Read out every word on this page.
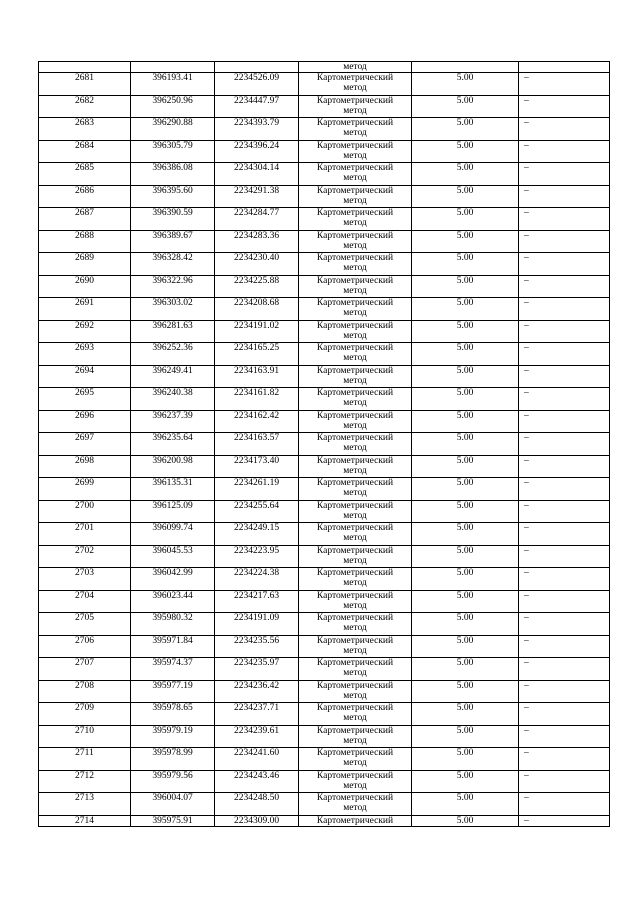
			метод		

2681	396193.41	2234526.09	Картометрический
метод	5.00	–
2682	396250.96	2234447.97	Картометрический
метод	5.00	–
2683	396290.88	2234393.79	Картометрический
метод	5.00	–
2684	396305.79	2234396.24	Картометрический
метод	5.00	–
2685	396386.08	2234304.14	Картометрический
метод	5.00	–
2686	396395.60	2234291.38	Картометрический
метод	5.00	–
2687	396390.59	2234284.77	Картометрический
метод	5.00	–
2688	396389.67	2234283.36	Картометрический
метод	5.00	–
2689	396328.42	2234230.40	Картометрический
метод	5.00	–
2690	396322.96	2234225.88	Картометрический
метод	5.00	–
2691	396303.02	2234208.68	Картометрический
метод	5.00	–
2692	396281.63	2234191.02	Картометрический
метод	5.00	–
2693	396252.36	2234165.25	Картометрический
метод	5.00	–
2694	396249.41	2234163.91	Картометрический
метод	5.00	–
2695	396240.38	2234161.82	Картометрический
метод	5.00	–
2696	396237.39	2234162.42	Картометрический
метод	5.00	–
2697	396235.64	2234163.57	Картометрический
метод	5.00	–
2698	396200.98	2234173.40	Картометрический
метод	5.00	–
2699	396135.31	2234261.19	Картометрический
метод	5.00	–
2700	396125.09	2234255.64	Картометрический
метод	5.00	–
2701	396099.74	2234249.15	Картометрический
метод	5.00	–
2702	396045.53	2234223.95	Картометрический
метод	5.00	–
2703	396042.99	2234224.38	Картометрический
метод	5.00	–
2704	396023.44	2234217.63	Картометрический
метод	5.00	–
2705	395980.32	2234191.09	Картометрический
метод	5.00	–
2706	395971.84	2234235.56	Картометрический
метод	5.00	–
2707	395974.37	2234235.97	Картометрический
метод	5.00	–
2708	395977.19	2234236.42	Картометрический
метод	5.00	–
2709	395978.65	2234237.71	Картометрический
метод	5.00	–
2710	395979.19	2234239.61	Картометрический
метод	5.00	–
2711	395978.99	2234241.60	Картометрический
метод	5.00	–
2712	395979.56	2234243.46	Картометрический
метод	5.00	–
2713	396004.07	2234248.50	Картометрический
метод	5.00	–
2714	395975.91	2234309.00	Картометрический	5.00	–
